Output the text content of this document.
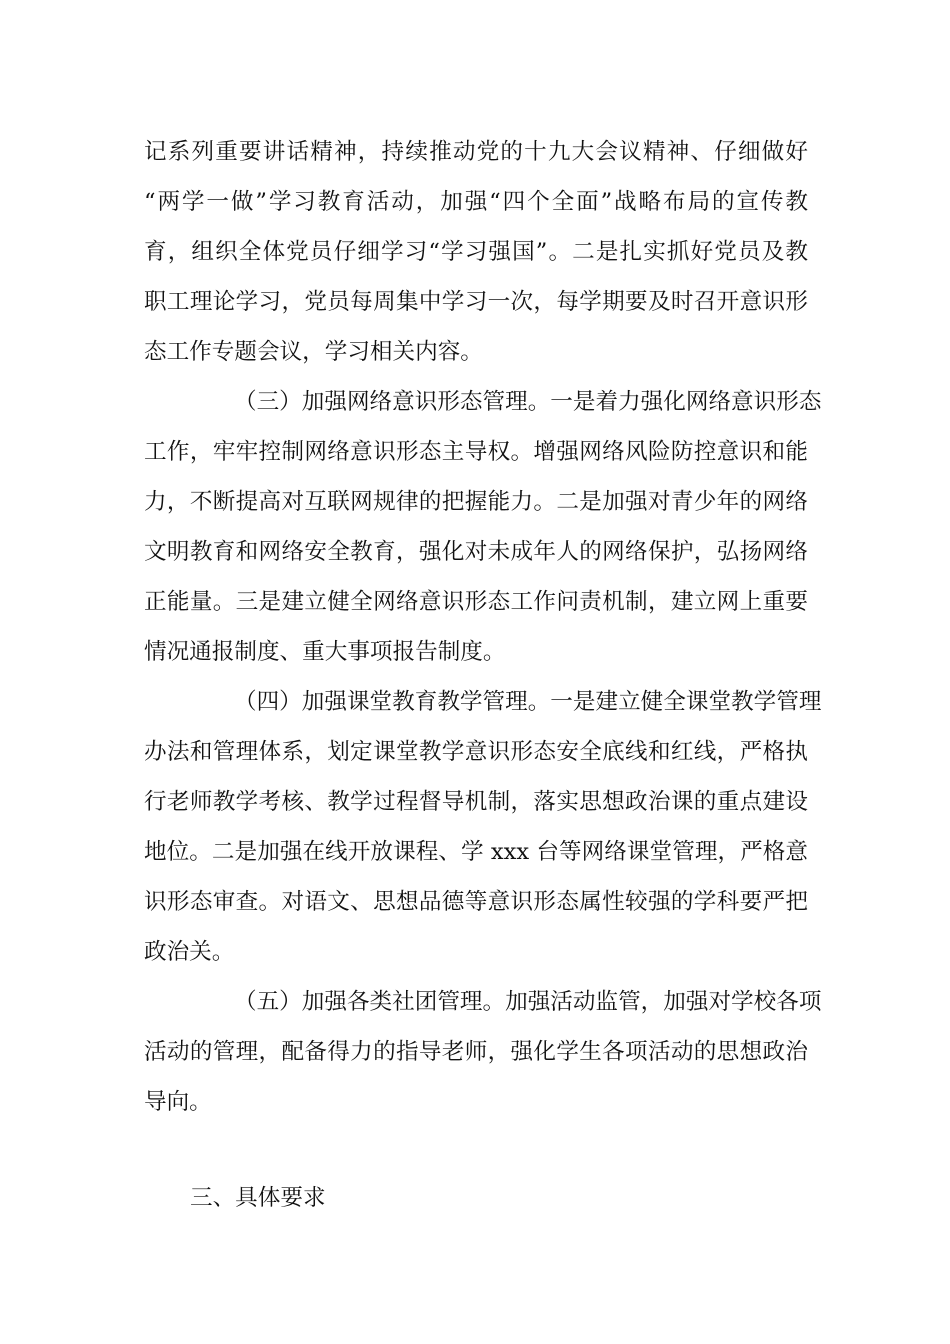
记系列重要讲话精神，持续推动党的十九大会议精神、仔细做好
“两学一做”学习教育活动，加强“四个全面”战略布局的宣传教
育，组织全体党员仔细学习“学习强国”。二是扎实抓好党员及教
职工理论学习，党员每周集中学习一次，每学期要及时召开意识形
态工作专题会议，学习相关内容。
（三）加强网络意识形态管理。一是着力强化网络意识形态
工作，牢牢控制网络意识形态主导权。增强网络风险防控意识和能
力，不断提高对互联网规律的把握能力。二是加强对青少年的网络
文明教育和网络安全教育，强化对未成年人的网络保护，弘扬网络
正能量。三是建立健全网络意识形态工作问责机制，建立网上重要
情况通报制度、重大事项报告制度。
（四）加强课堂教育教学管理。一是建立健全课堂教学管理
办法和管理体系，划定课堂教学意识形态安全底线和红线，严格执
行老师教学考核、教学过程督导机制，落实思想政治课的重点建设
地位。二是加强在线开放课程、学 xxx 台等网络课堂管理，严格意
识形态审查。对语文、思想品德等意识形态属性较强的学科要严把
政治关。
（五）加强各类社团管理。加强活动监管，加强对学校各项
活动的管理，配备得力的指导老师，强化学生各项活动的思想政治
导向。
三、具体要求
